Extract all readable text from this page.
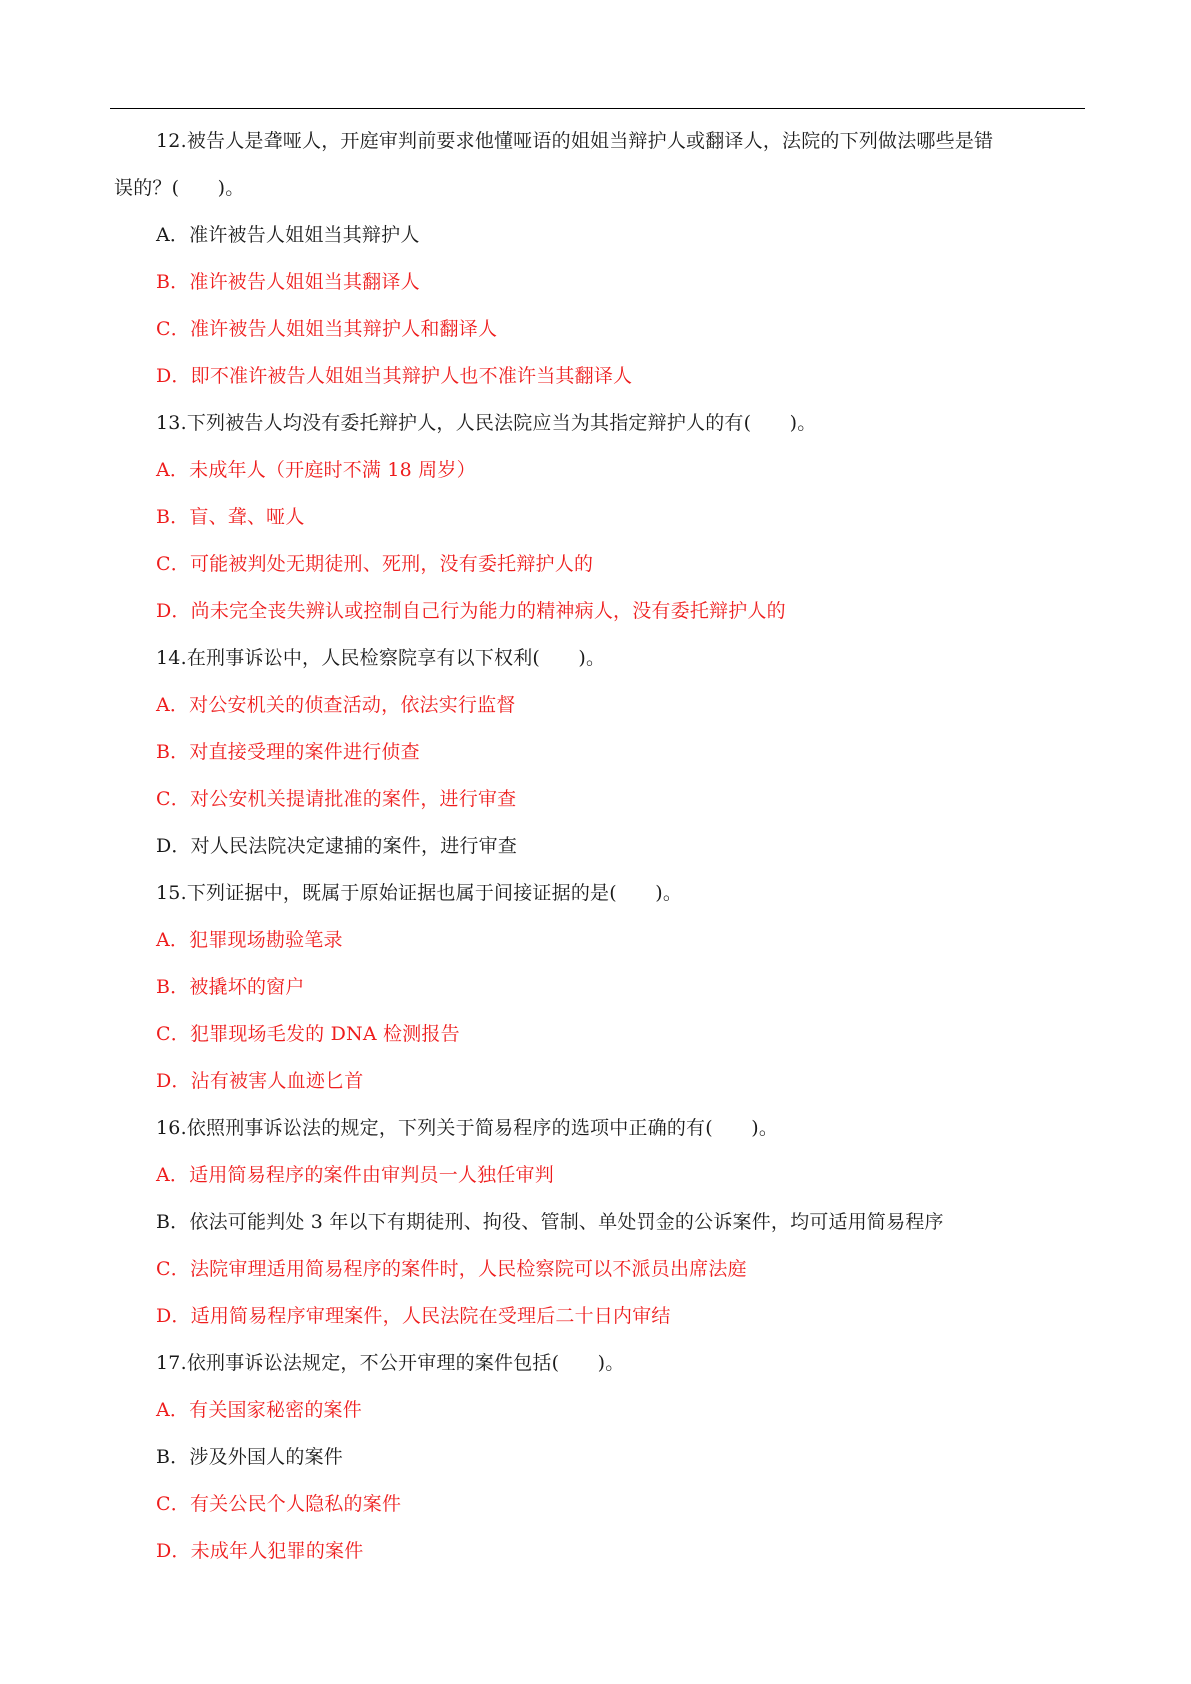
12.被告人是聋哑人，开庭审判前要求他懂哑语的姐姐当辩护人或翻译人，法院的下列做法哪些是错
误的？(　　)。
A．准许被告人姐姐当其辩护人
B．准许被告人姐姐当其翻译人
C．准许被告人姐姐当其辩护人和翻译人
D．即不准许被告人姐姐当其辩护人也不准许当其翻译人
13.下列被告人均没有委托辩护人，人民法院应当为其指定辩护人的有(　　)。
A．未成年人（开庭时不满 18 周岁）
B．盲、聋、哑人
C．可能被判处无期徒刑、死刑，没有委托辩护人的
D．尚未完全丧失辨认或控制自己行为能力的精神病人，没有委托辩护人的
14.在刑事诉讼中，人民检察院享有以下权利(　　)。
A．对公安机关的侦查活动，依法实行监督
B．对直接受理的案件进行侦查
C．对公安机关提请批准的案件，进行审查
D．对人民法院决定逮捕的案件，进行审查
15.下列证据中，既属于原始证据也属于间接证据的是(　　)。
A．犯罪现场勘验笔录
B．被撬坏的窗户
C．犯罪现场毛发的 DNA 检测报告
D．沾有被害人血迹匕首
16.依照刑事诉讼法的规定，下列关于简易程序的选项中正确的有(　　)。
A．适用简易程序的案件由审判员一人独任审判
B．依法可能判处 3 年以下有期徒刑、拘役、管制、单处罚金的公诉案件，均可适用简易程序
C．法院审理适用简易程序的案件时，人民检察院可以不派员出席法庭
D．适用简易程序审理案件，人民法院在受理后二十日内审结
17.依刑事诉讼法规定，不公开审理的案件包括(　　)。
A．有关国家秘密的案件
B．涉及外国人的案件
C．有关公民个人隐私的案件
D．未成年人犯罪的案件
